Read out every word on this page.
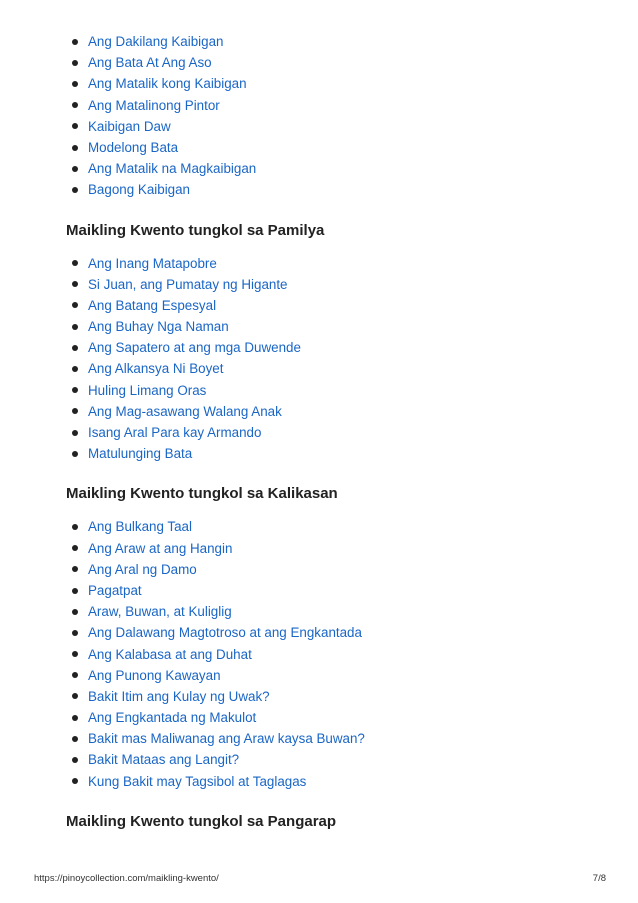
Ang Dakilang Kaibigan
Ang Bata At Ang Aso
Ang Matalik kong Kaibigan
Ang Matalinong Pintor
Kaibigan Daw
Modelong Bata
Ang Matalik na Magkaibigan
Bagong Kaibigan
Maikling Kwento tungkol sa Pamilya
Ang Inang Matapobre
Si Juan, ang Pumatay ng Higante
Ang Batang Espesyal
Ang Buhay Nga Naman
Ang Sapatero at ang mga Duwende
Ang Alkansya Ni Boyet
Huling Limang Oras
Ang Mag-asawang Walang Anak
Isang Aral Para kay Armando
Matulunging Bata
Maikling Kwento tungkol sa Kalikasan
Ang Bulkang Taal
Ang Araw at ang Hangin
Ang Aral ng Damo
Pagatpat
Araw, Buwan, at Kuliglig
Ang Dalawang Magtotroso at ang Engkantada
Ang Kalabasa at ang Duhat
Ang Punong Kawayan
Bakit Itim ang Kulay ng Uwak?
Ang Engkantada ng Makulot
Bakit mas Maliwanag ang Araw kaysa Buwan?
Bakit Mataas ang Langit?
Kung Bakit may Tagsibol at Taglagas
Maikling Kwento tungkol sa Pangarap
https://pinoycollection.com/maikling-kwento/	7/8
